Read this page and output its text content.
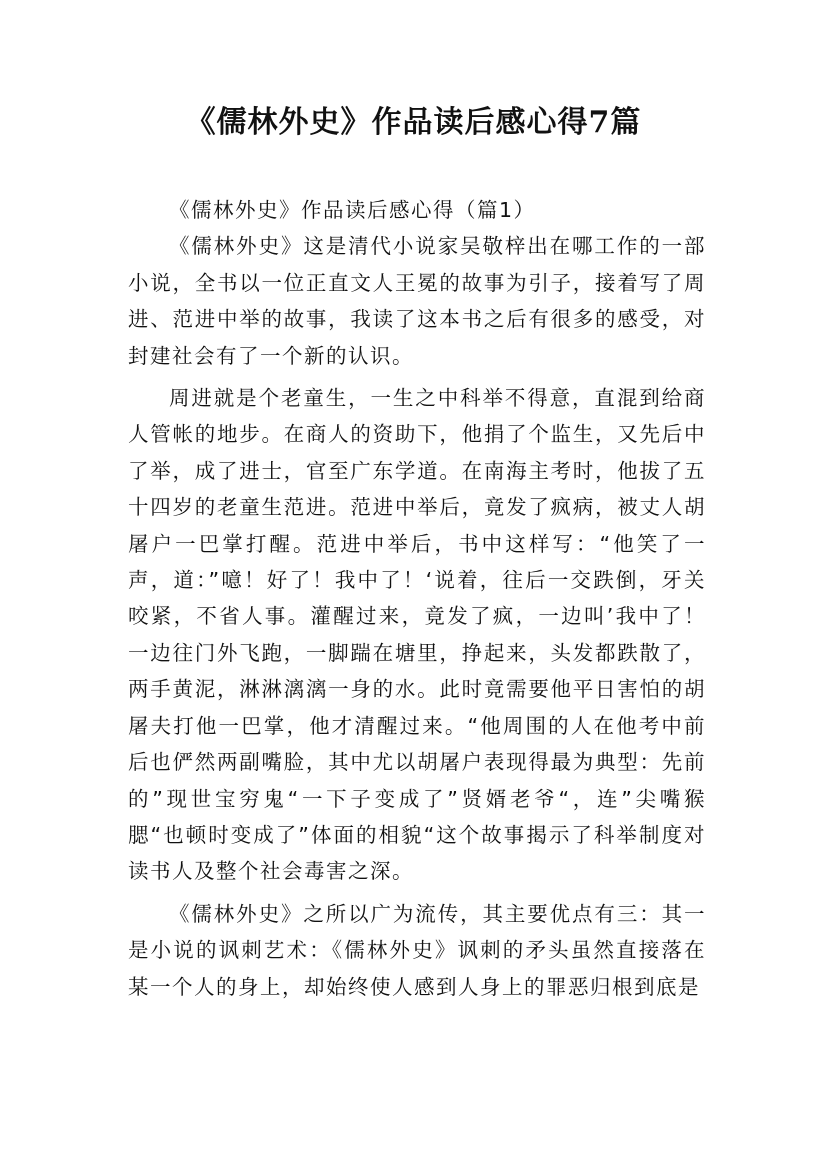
《儒林外史》作品读后感心得7篇

《儒林外史》作品读后感心得（篇1）

《儒林外史》这是清代小说家吴敬梓出在哪工作的一部小说，全书以一位正直文人王冕的故事为引子，接着写了周进、范进中举的故事，我读了这本书之后有很多的感受，对封建社会有了一个新的认识。

周进就是个老童生，一生之中科举不得意，直混到给商人管帐的地步。在商人的资助下，他捐了个监生，又先后中了举，成了进士，官至广东学道。在南海主考时，他拔了五十四岁的老童生范进。范进中举后，竟发了疯病，被丈人胡屠户一巴掌打醒。范进中举后，书中这样写：“他笑了一声，道：”噫！好了！我中了！‘说着，往后一交跌倒，牙关咬紧，不省人事。灌醒过来，竟发了疯，一边叫’我中了！一边往门外飞跑，一脚踹在塘里，挣起来，头发都跌散了，两手黄泥，淋淋漓漓一身的水。此时竟需要他平日害怕的胡屠夫打他一巴掌，他才清醒过来。“他周围的人在他考中前后也俨然两副嘴脸，其中尤以胡屠户表现得最为典型：先前的”现世宝穷鬼“一下子变成了”贤婿老爷“，连”尖嘴猴腮“也顿时变成了”体面的相貌“这个故事揭示了科举制度对读书人及整个社会毒害之深。

《儒林外史》之所以广为流传，其主要优点有三：其一是小说的讽刺艺术：《儒林外史》讽刺的矛头虽然直接落在某一个人的身上，却始终使人感到人身上的罪恶归根到底是
